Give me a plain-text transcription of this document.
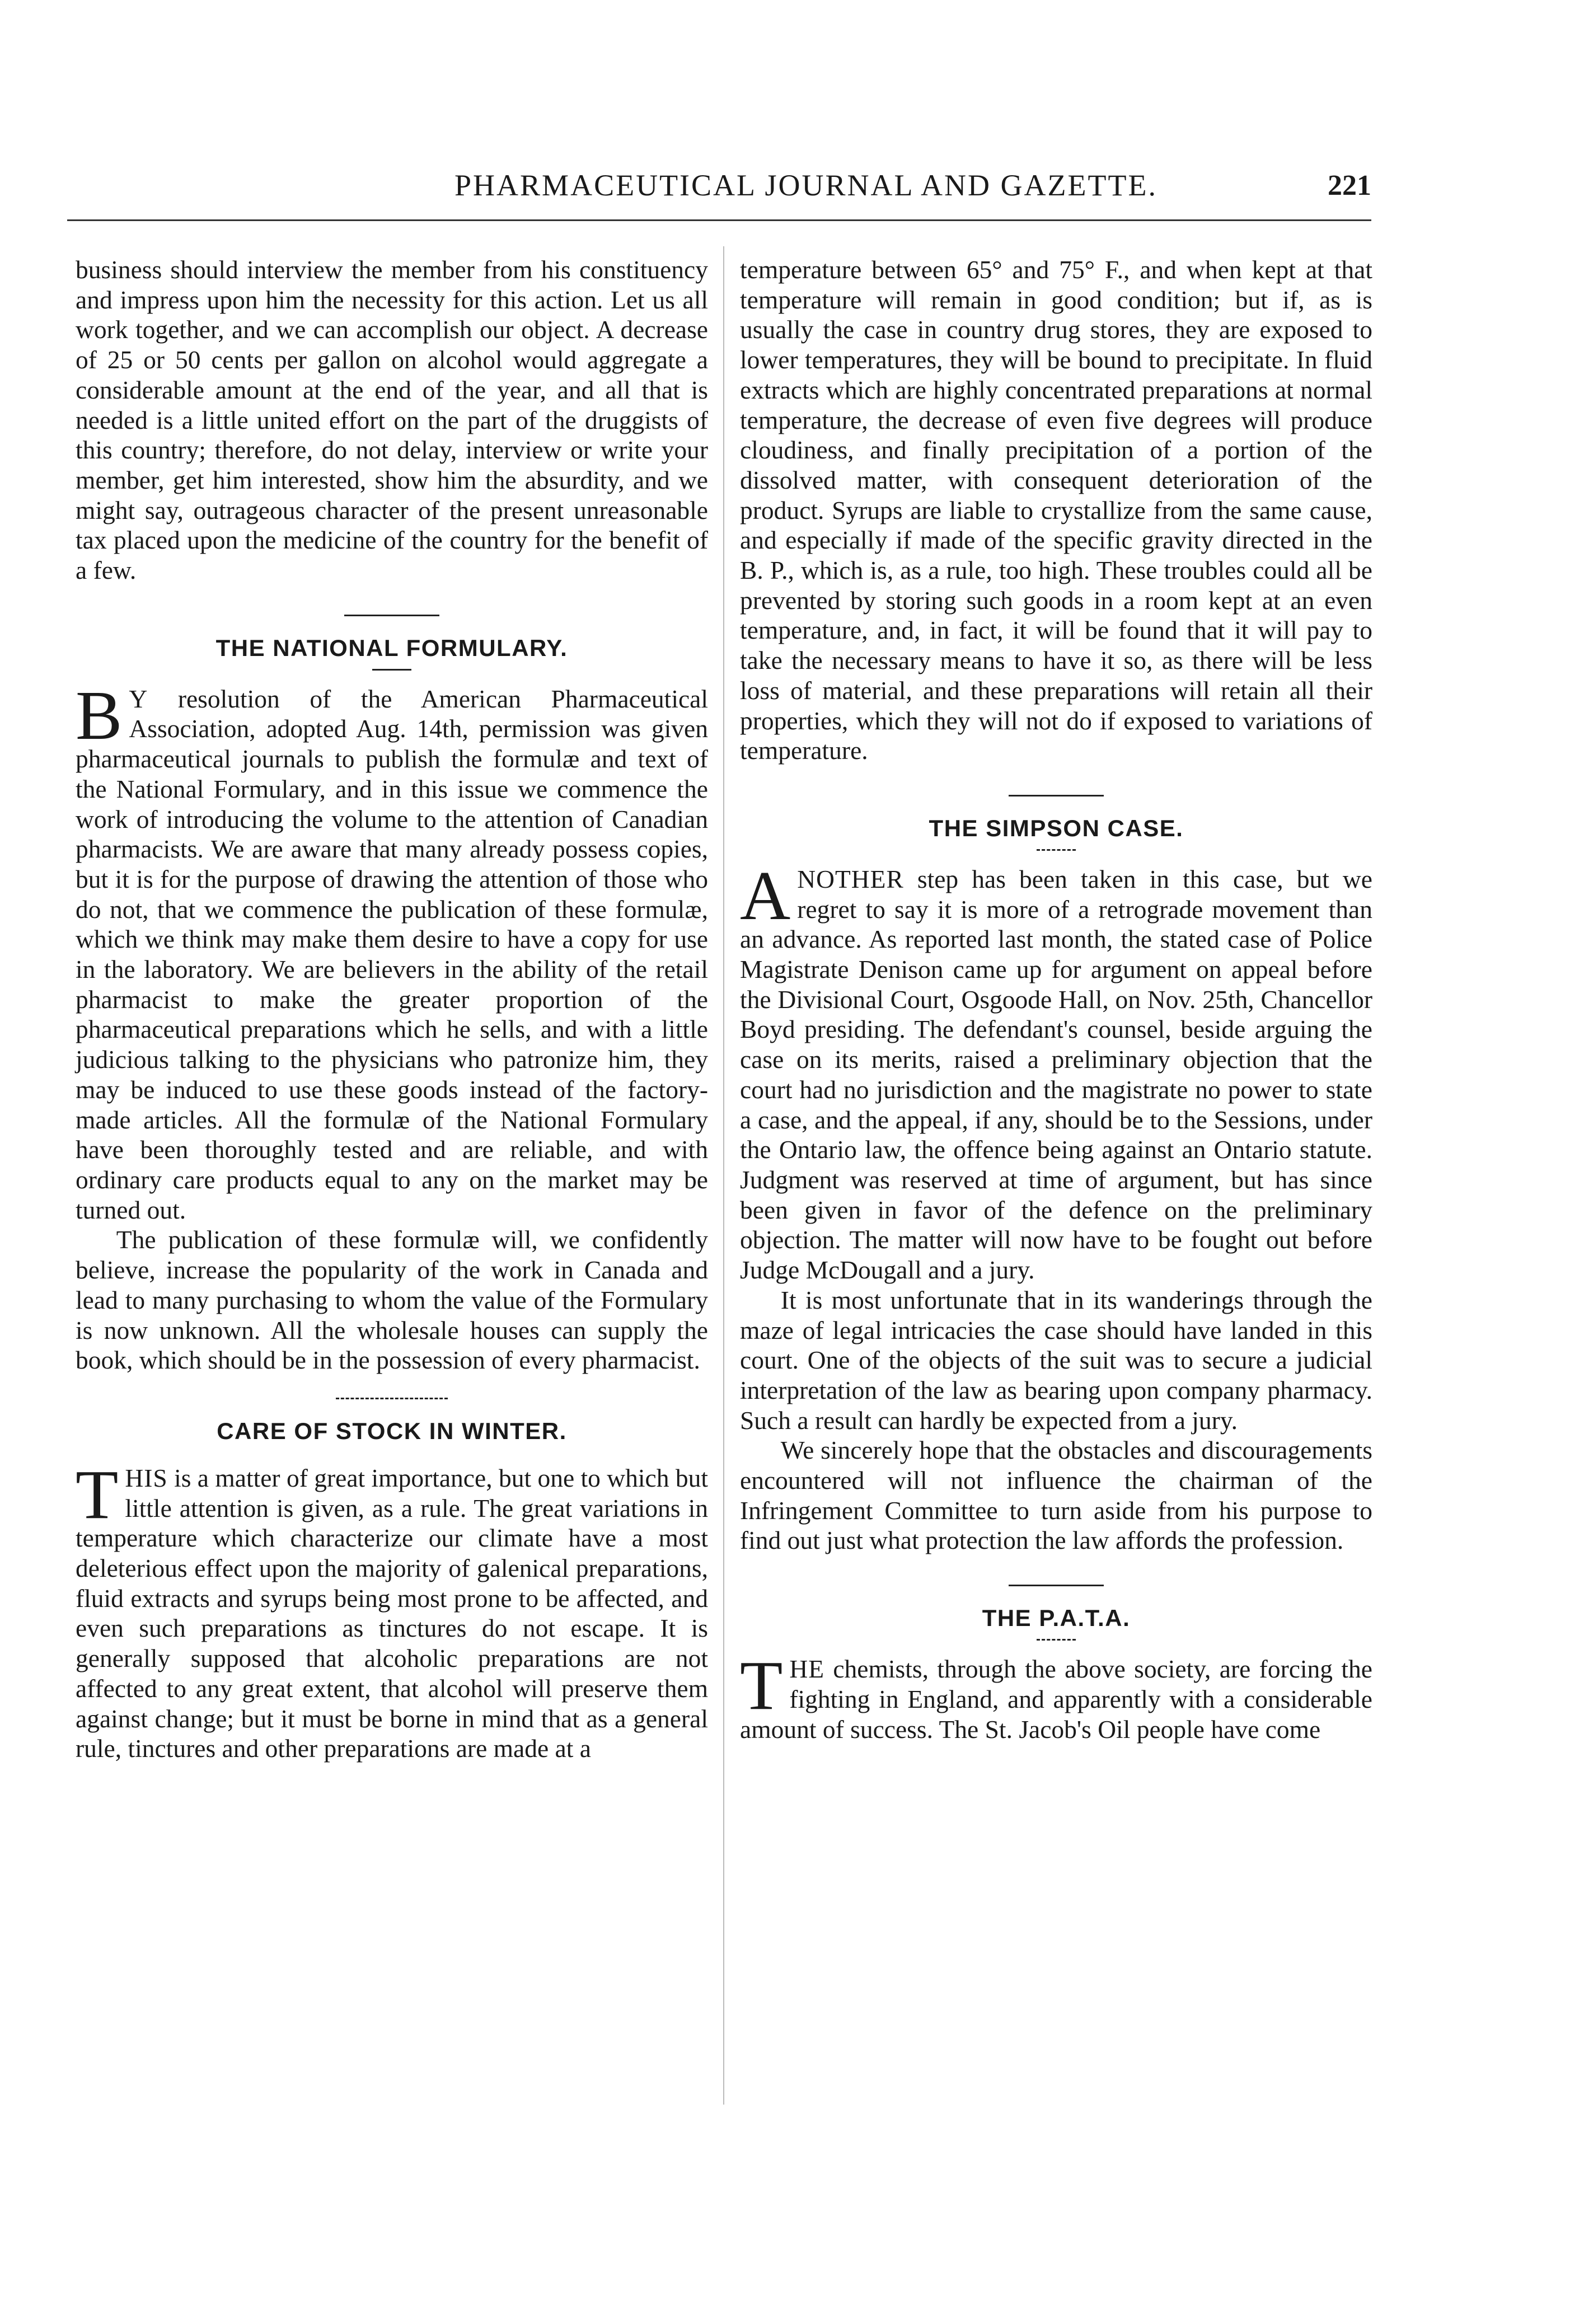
PHARMACEUTICAL JOURNAL AND GAZETTE.	221

business should interview the member from his constituency and impress upon him the necessity for this action. Let us all work together, and we can accomplish our object. A decrease of 25 or 50 cents per gallon on alcohol would aggregate a considerable amount at the end of the year, and all that is needed is a little united effort on the part of the druggists of this country; therefore, do not delay, interview or write your member, get him interested, show him the absurdity, and we might say, outrageous character of the present unreasonable tax placed upon the medicine of the country for the benefit of a few.

THE NATIONAL FORMULARY.

B Y resolution of the American Pharmaceutical Association, adopted Aug. 14th, permission was given pharmaceutical journals to publish the formulæ and text of the National Formulary, and in this issue we commence the work of introducing the volume to the attention of Canadian pharmacists. We are aware that many already possess copies, but it is for the purpose of drawing the attention of those who do not, that we commence the publication of these formulæ, which we think may make them desire to have a copy for use in the laboratory. We are believers in the ability of the retail pharmacist to make the greater proportion of the pharmaceutical preparations which he sells, and with a little judicious talking to the physicians who patronize him, they may be induced to use these goods instead of the factory-made articles. All the formulæ of the National Formulary have been thoroughly tested and are reliable, and with ordinary care products equal to any on the market may be turned out.

The publication of these formulæ will, we confidently believe, increase the popularity of the work in Canada and lead to many purchasing to whom the value of the Formulary is now unknown. All the wholesale houses can supply the book, which should be in the possession of every pharmacist.

CARE OF STOCK IN WINTER.

THIS is a matter of great importance, but one to which but little attention is given, as a rule. The great variations in temperature which characterize our climate have a most deleterious effect upon the majority of galenical preparations, fluid extracts and syrups being most prone to be affected, and even such preparations as tinctures do not escape. It is generally supposed that alcoholic preparations are not affected to any great extent, that alcohol will preserve them against change; but it must be borne in mind that as a general rule, tinctures and other preparations are made at a

temperature between 65° and 75° F., and when kept at that temperature will remain in good condition; but if, as is usually the case in country drug stores, they are exposed to lower temperatures, they will be bound to precipitate. In fluid extracts which are highly concentrated preparations at normal temperature, the decrease of even five degrees will produce cloudiness, and finally precipitation of a portion of the dissolved matter, with consequent deterioration of the product. Syrups are liable to crystallize from the same cause, and especially if made of the specific gravity directed in the B. P., which is, as a rule, too high. These troubles could all be prevented by storing such goods in a room kept at an even temperature, and, in fact, it will be found that it will pay to take the necessary means to have it so, as there will be less loss of material, and these preparations will retain all their properties, which they will not do if exposed to variations of temperature.

THE SIMPSON CASE.

ANOTHER step has been taken in this case, but we regret to say it is more of a retrograde movement than an advance. As reported last month, the stated case of Police Magistrate Denison came up for argument on appeal before the Divisional Court, Osgoode Hall, on Nov. 25th, Chancellor Boyd presiding. The defendant's counsel, beside arguing the case on its merits, raised a preliminary objection that the court had no jurisdiction and the magistrate no power to state a case, and the appeal, if any, should be to the Sessions, under the Ontario law, the offence being against an Ontario statute. Judgment was reserved at time of argument, but has since been given in favor of the defence on the preliminary objection. The matter will now have to be fought out before Judge McDougall and a jury.

It is most unfortunate that in its wanderings through the maze of legal intricacies the case should have landed in this court. One of the objects of the suit was to secure a judicial interpretation of the law as bearing upon company pharmacy. Such a result can hardly be expected from a jury.

We sincerely hope that the obstacles and discouragements encountered will not influence the chairman of the Infringement Committee to turn aside from his purpose to find out just what protection the law affords the profession.

THE P.A.T.A.

THE chemists, through the above society, are forcing the fighting in England, and apparently with a considerable amount of success. The St. Jacob's Oil people have come
